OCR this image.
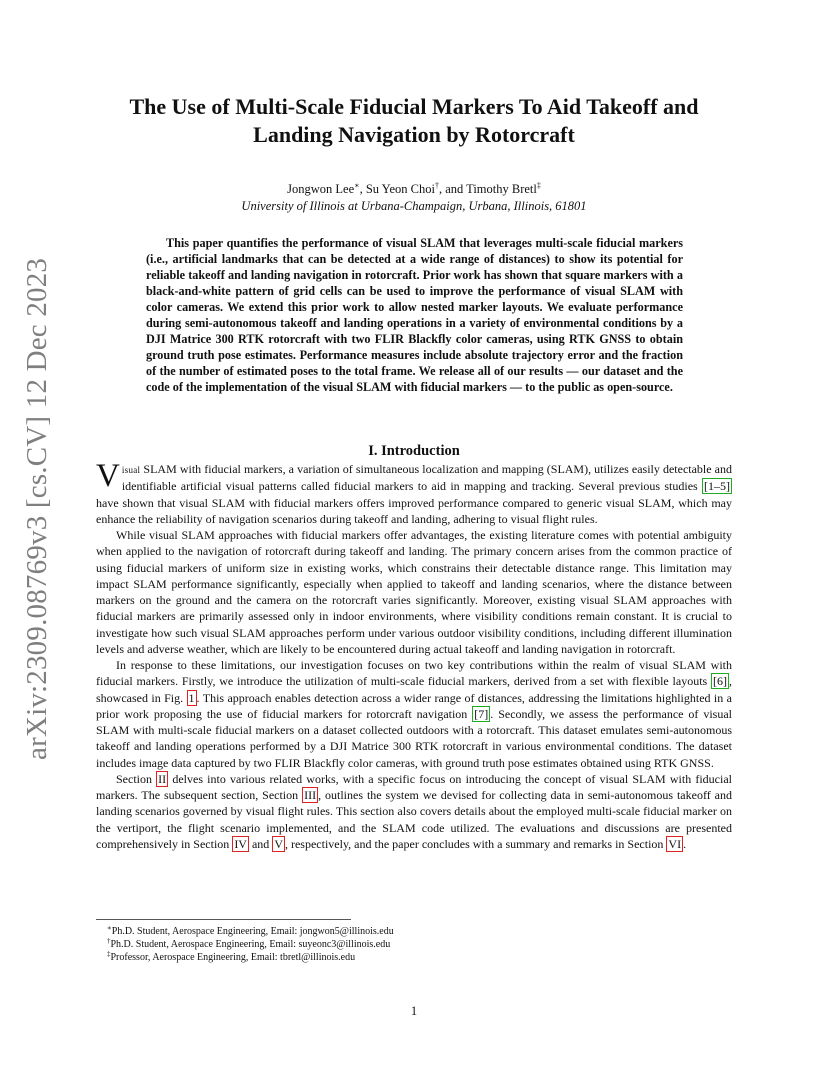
arXiv:2309.08769v3 [cs.CV] 12 Dec 2023
The Use of Multi-Scale Fiducial Markers To Aid Takeoff and Landing Navigation by Rotorcraft
Jongwon Lee∗, Su Yeon Choi†, and Timothy Bretl‡
University of Illinois at Urbana-Champaign, Urbana, Illinois, 61801

This paper quantifies the performance of visual SLAM that leverages multi-scale fiducial markers (i.e., artificial landmarks that can be detected at a wide range of distances) to show its potential for reliable takeoff and landing navigation in rotorcraft. Prior work has shown that square markers with a black-and-white pattern of grid cells can be used to improve the performance of visual SLAM with color cameras. We extend this prior work to allow nested marker layouts. We evaluate performance during semi-autonomous takeoff and landing operations in a variety of environmental conditions by a DJI Matrice 300 RTK rotorcraft with two FLIR Blackfly color cameras, using RTK GNSS to obtain ground truth pose estimates. Performance measures include absolute trajectory error and the fraction of the number of estimated poses to the total frame. We release all of our results — our dataset and the code of the implementation of the visual SLAM with fiducial markers — to the public as open-source.

I. Introduction

Visual SLAM with fiducial markers, a variation of simultaneous localization and mapping (SLAM), utilizes easily detectable and identifiable artificial visual patterns called fiducial markers to aid in mapping and tracking. Several previous studies [1–5] have shown that visual SLAM with fiducial markers offers improved performance compared to generic visual SLAM, which may enhance the reliability of navigation scenarios during takeoff and landing, adhering to visual flight rules.

While visual SLAM approaches with fiducial markers offer advantages, the existing literature comes with potential ambiguity when applied to the navigation of rotorcraft during takeoff and landing. The primary concern arises from the common practice of using fiducial markers of uniform size in existing works, which constrains their detectable distance range. This limitation may impact SLAM performance significantly, especially when applied to takeoff and landing scenarios, where the distance between markers on the ground and the camera on the rotorcraft varies significantly. Moreover, existing visual SLAM approaches with fiducial markers are primarily assessed only in indoor environments, where visibility conditions remain constant. It is crucial to investigate how such visual SLAM approaches perform under various outdoor visibility conditions, including different illumination levels and adverse weather, which are likely to be encountered during actual takeoff and landing navigation in rotorcraft.

In response to these limitations, our investigation focuses on two key contributions within the realm of visual SLAM with fiducial markers. Firstly, we introduce the utilization of multi-scale fiducial markers, derived from a set with flexible layouts [6] , showcased in Fig. 1 . This approach enables detection across a wider range of distances, addressing the limitations highlighted in a prior work proposing the use of fiducial markers for rotorcraft navigation [7] . Secondly, we assess the performance of visual SLAM with multi-scale fiducial markers on a dataset collected outdoors with a rotorcraft. This dataset emulates semi-autonomous takeoff and landing operations performed by a DJI Matrice 300 RTK rotorcraft in various environmental conditions. The dataset includes image data captured by two FLIR Blackfly color cameras, with ground truth pose estimates obtained using RTK GNSS.

Section II delves into various related works, with a specific focus on introducing the concept of visual SLAM with fiducial markers. The subsequent section, Section III , outlines the system we devised for collecting data in semi-autonomous takeoff and landing scenarios governed by visual flight rules. This section also covers details about the employed multi-scale fiducial marker on the vertiport, the flight scenario implemented, and the SLAM code utilized. The evaluations and discussions are presented comprehensively in Section IV and V , respectively, and the paper concludes with a summary and remarks in Section VI .

∗Ph.D. Student, Aerospace Engineering, Email: jongwon5@illinois.edu
†Ph.D. Student, Aerospace Engineering, Email: suyeonc3@illinois.edu
‡Professor, Aerospace Engineering, Email: tbretl@illinois.edu
1
